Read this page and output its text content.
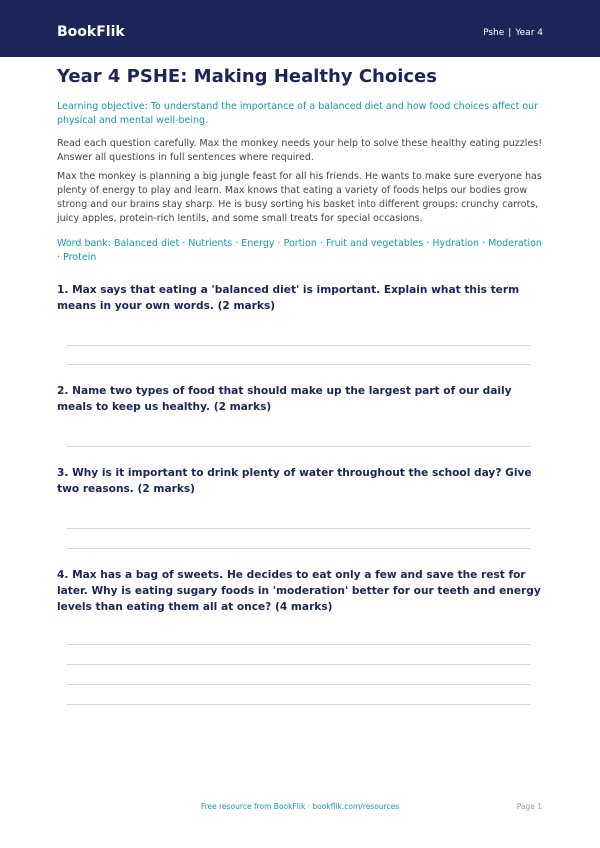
BookFlik	Pshe | Year 4
Year 4 PSHE: Making Healthy Choices

Learning objective: To understand the importance of a balanced diet and how food choices affect our physical and mental well-being.

Read each question carefully. Max the monkey needs your help to solve these healthy eating puzzles! Answer all questions in full sentences where required.

Max the monkey is planning a big jungle feast for all his friends. He wants to make sure everyone has plenty of energy to play and learn. Max knows that eating a variety of foods helps our bodies grow strong and our brains stay sharp. He is busy sorting his basket into different groups: crunchy carrots, juicy apples, protein-rich lentils, and some small treats for special occasions.

Word bank: Balanced diet · Nutrients · Energy · Portion · Fruit and vegetables · Hydration · Moderation · Protein

1. Max says that eating a 'balanced diet' is important. Explain what this term means in your own words. (2 marks)

2. Name two types of food that should make up the largest part of our daily meals to keep us healthy. (2 marks)

3. Why is it important to drink plenty of water throughout the school day? Give two reasons. (2 marks)

4. Max has a bag of sweets. He decides to eat only a few and save the rest for later. Why is eating sugary foods in 'moderation' better for our teeth and energy levels than eating them all at once? (4 marks)

Free resource from BookFlik · bookflik.com/resources	Page 1
